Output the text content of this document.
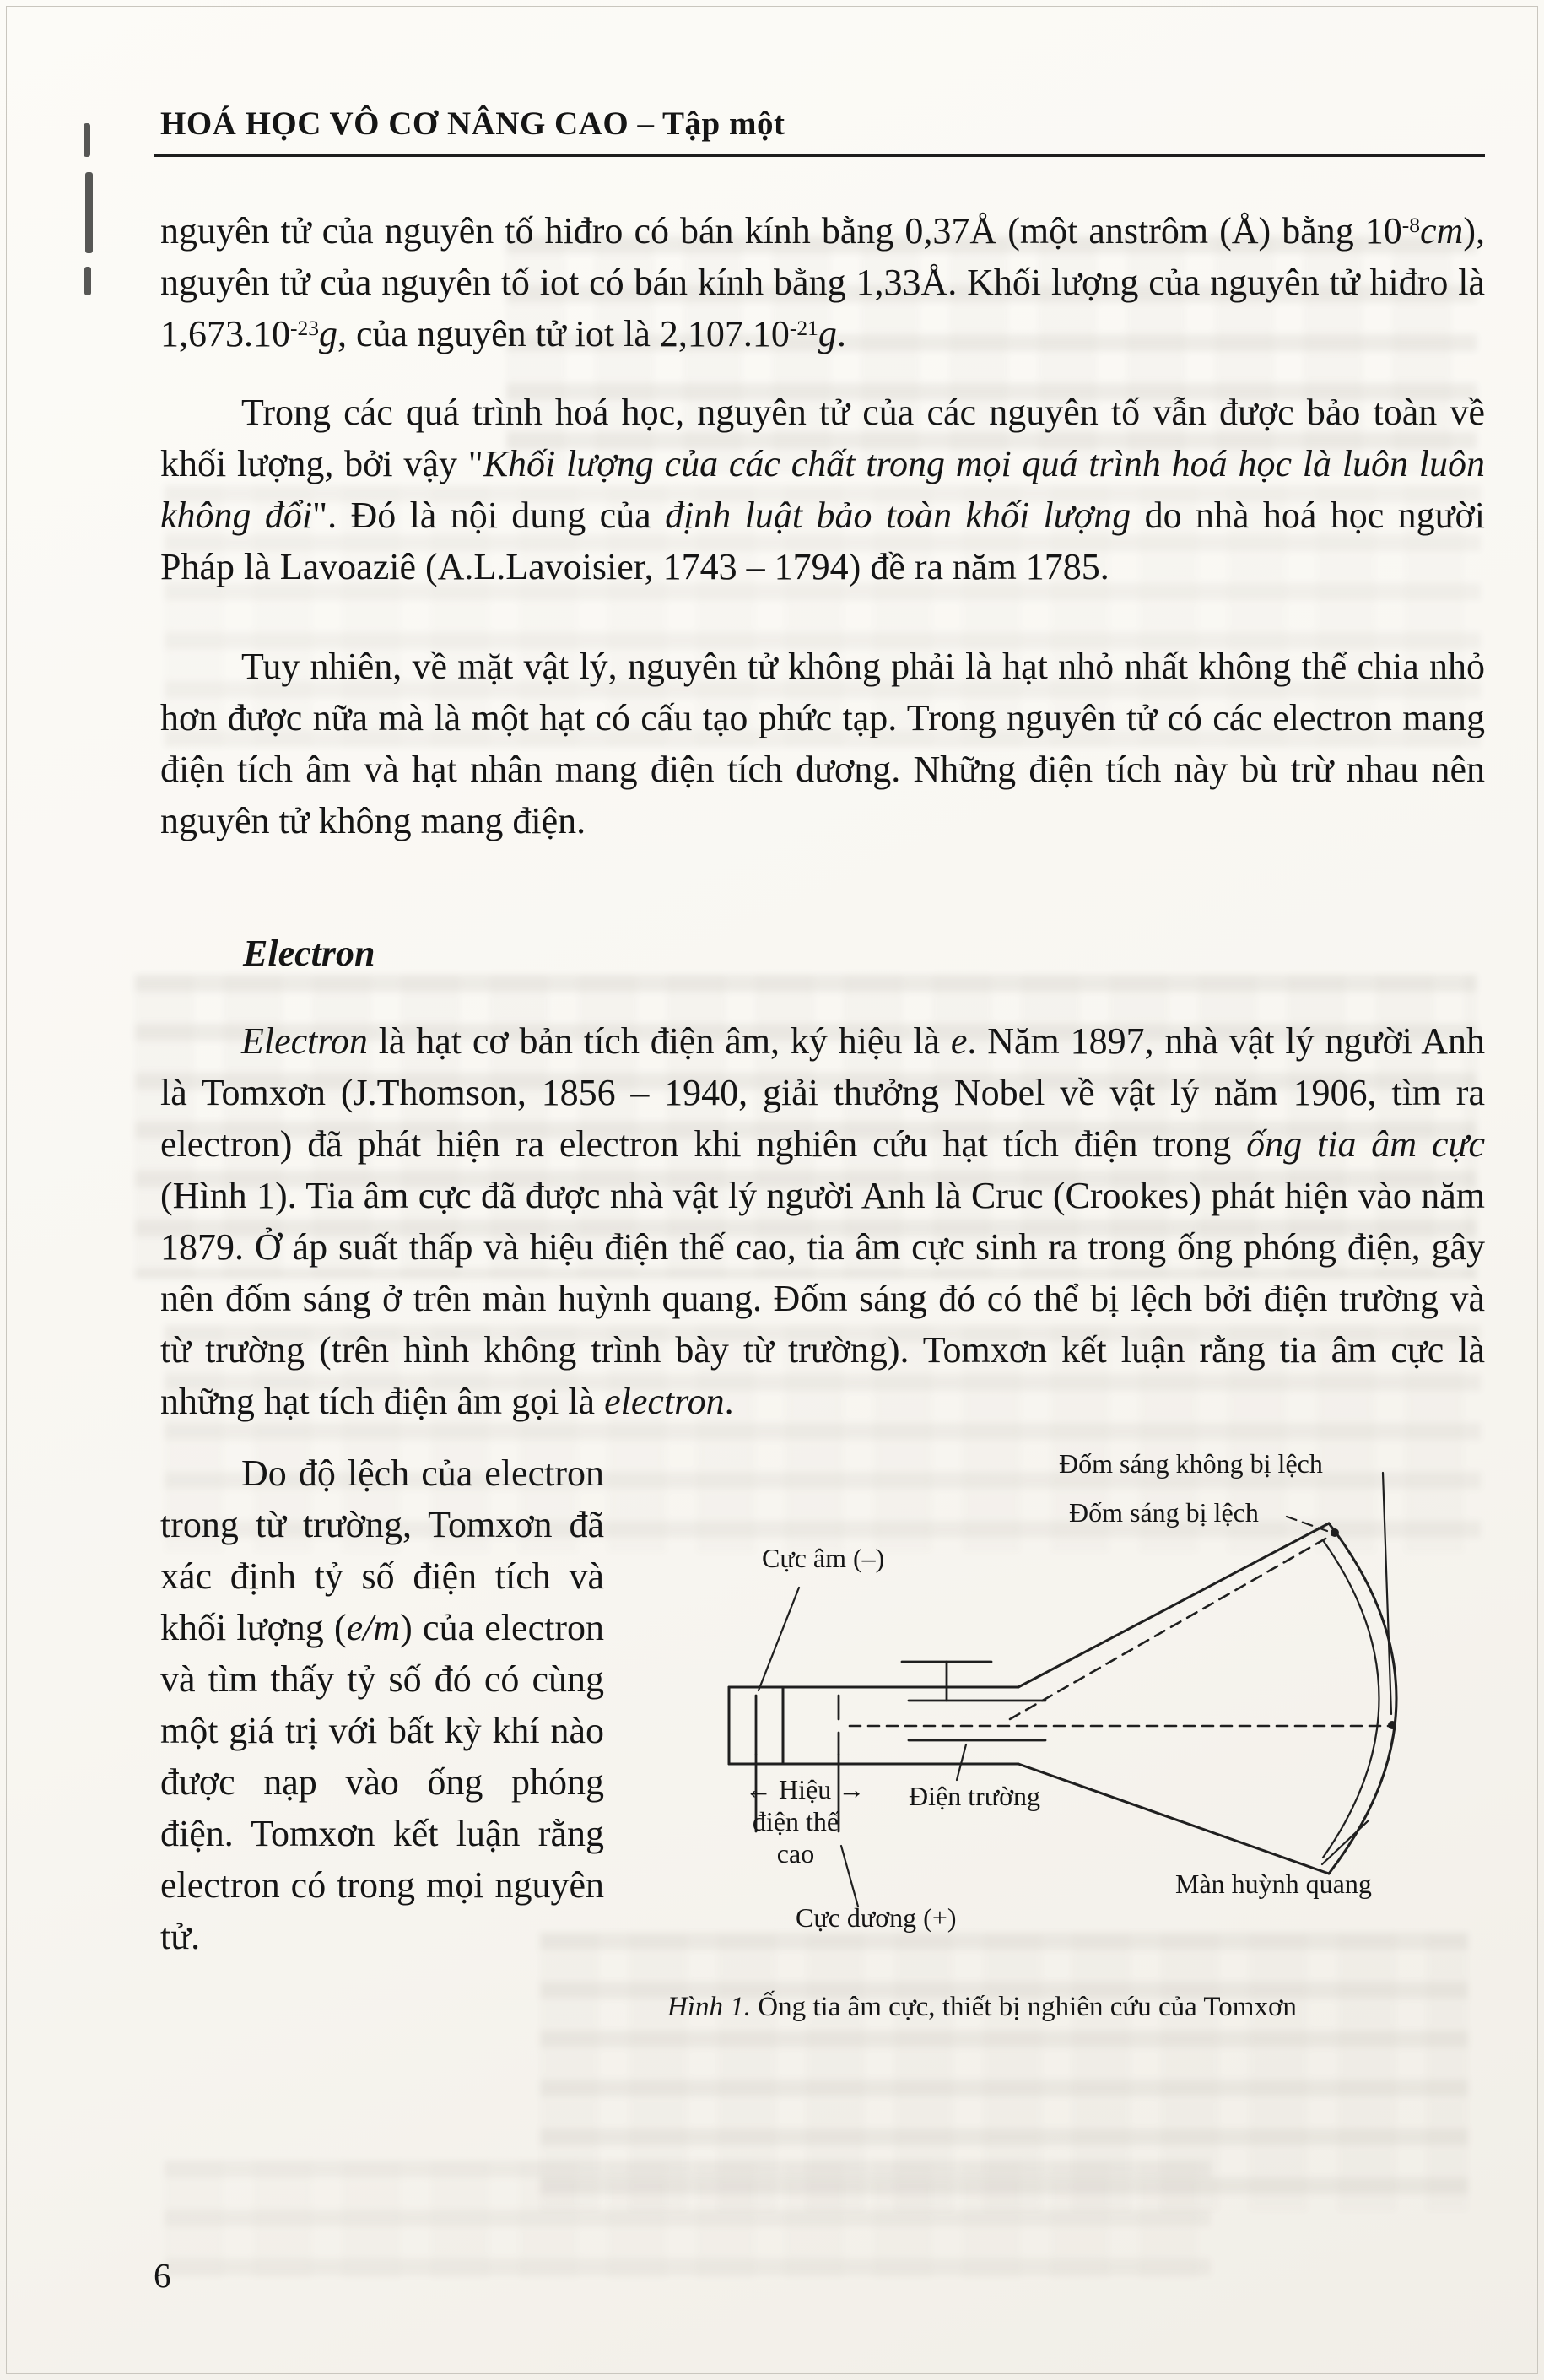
HOÁ HỌC VÔ CƠ NÂNG CAO – Tập một

nguyên tử của nguyên tố hiđro có bán kính bằng 0,37Å (một anstrôm (Å) bằng $10^{-8}cm$), nguyên tử của nguyên tố iot có bán kính bằng 1,33Å. Khối lượng của nguyên tử hiđro là $1,673.10^{-23}g$, của nguyên tử iot là $2,107.10^{-21}g$.

Trong các quá trình hoá học, nguyên tử của các nguyên tố vẫn được bảo toàn về khối lượng, bởi vậy "Khối lượng của các chất trong mọi quá trình hoá học là luôn luôn không đổi". Đó là nội dung của định luật bảo toàn khối lượng do nhà hoá học người Pháp là Lavoaziê (A.L.Lavoisier, 1743 – 1794) đề ra năm 1785.

Tuy nhiên, về mặt vật lý, nguyên tử không phải là hạt nhỏ nhất không thể chia nhỏ hơn được nữa mà là một hạt có cấu tạo phức tạp. Trong nguyên tử có các electron mang điện tích âm và hạt nhân mang điện tích dương. Những điện tích này bù trừ nhau nên nguyên tử không mang điện.

Electron

Electron là hạt cơ bản tích điện âm, ký hiệu là e. Năm 1897, nhà vật lý người Anh là Tomxơn (J.Thomson, 1856 – 1940, giải thưởng Nobel về vật lý năm 1906, tìm ra electron) đã phát hiện ra electron khi nghiên cứu hạt tích điện trong ống tia âm cực (Hình 1). Tia âm cực đã được nhà vật lý người Anh là Cruc (Crookes) phát hiện vào năm 1879. Ở áp suất thấp và hiệu điện thế cao, tia âm cực sinh ra trong ống phóng điện, gây nên đốm sáng ở trên màn huỳnh quang. Đốm sáng đó có thể bị lệch bởi điện trường và từ trường (trên hình không trình bày từ trường). Tomxơn kết luận rằng tia âm cực là những hạt tích điện âm gọi là electron.

Do độ lệch của electron trong từ trường, Tomxơn đã xác định tỷ số điện tích và khối lượng (e/m) của electron và tìm thấy tỷ số đó có cùng một giá trị với bất kỳ khí nào được nạp vào ống phóng điện. Tomxơn kết luận rằng electron có trong mọi nguyên tử.

Đốm sáng không bị lệch
Đốm sáng bị lệch
Cực âm (–)
← Hiệu →
điện thế
cao
Điện trường
Màn huỳnh quang
Cực dương (+)
Hình 1. Ống tia âm cực, thiết bị nghiên cứu của Tomxơn
6
